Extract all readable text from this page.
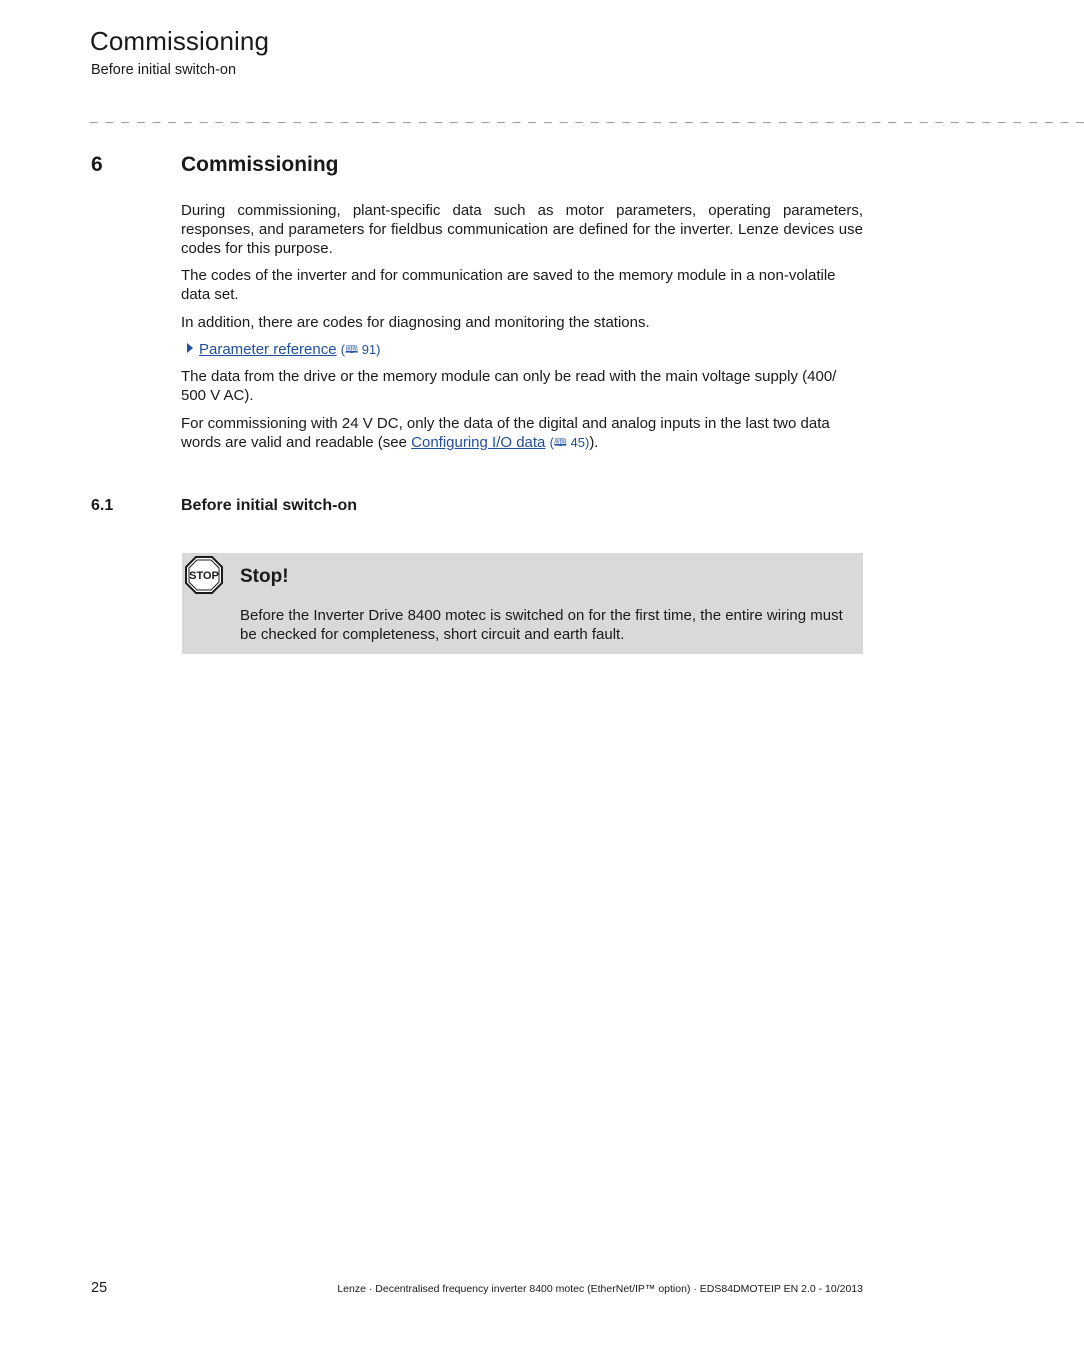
Commissioning
Before initial switch-on
_ _ _ _ _ _ _ _ _ _ _ _ _ _ _ _ _ _ _ _ _ _ _ _ _ _ _ _ _ _ _ _ _ _ _ _ _ _ _ _ _ _ _ _ _ _ _ _ _ _ _ _ _ _ _ _ _ _ _ _ _ _ _ _
6	Commissioning
During commissioning, plant-specific data such as motor parameters, operating parameters, responses, and parameters for fieldbus communication are defined for the inverter. Lenze devices use codes for this purpose.
The codes of the inverter and for communication are saved to the memory module in a non-volatile data set.
In addition, there are codes for diagnosing and monitoring the stations.
Parameter reference (🕮 91)
The data from the drive or the memory module can only be read with the main voltage supply (400/ 500 V AC).
For commissioning with 24 V DC, only the data of the digital and analog inputs in the last two data words are valid and readable (see Configuring I/O data (🕮 45)).
6.1	Before initial switch-on
STOP Stop!
Before the Inverter Drive 8400 motec is switched on for the first time, the entire wiring must be checked for completeness, short circuit and earth fault.
25	Lenze · Decentralised frequency inverter 8400 motec (EtherNet/IP™ option) · EDS84DMOTEIP EN 2.0 - 10/2013
